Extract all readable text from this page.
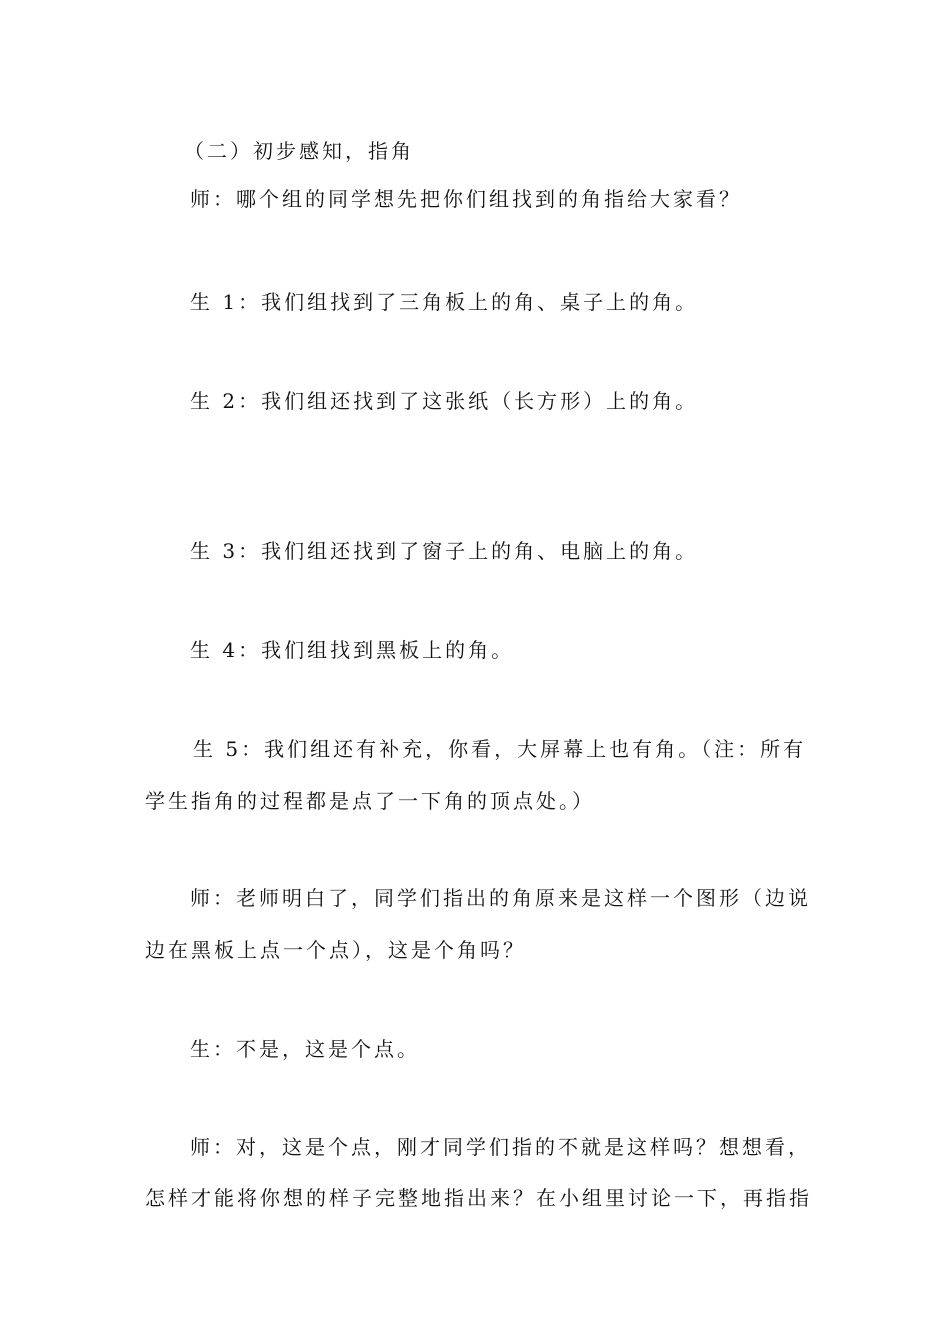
（二）初步感知，指角
师：哪个组的同学想先把你们组找到的角指给大家看？
生 1：我们组找到了三角板上的角、桌子上的角。
生 2：我们组还找到了这张纸（长方形）上的角。
生 3：我们组还找到了窗子上的角、电脑上的角。
生 4：我们组找到黑板上的角。
生 5：我们组还有补充，你看，大屏幕上也有角。（注：所有
学生指角的过程都是点了一下角的顶点处。）
师：老师明白了，同学们指出的角原来是这样一个图形（边说
边在黑板上点一个点），这是个角吗？
生：不是，这是个点。
师：对，这是个点，刚才同学们指的不就是这样吗？想想看，
怎样才能将你想的样子完整地指出来？在小组里讨论一下，再指指
